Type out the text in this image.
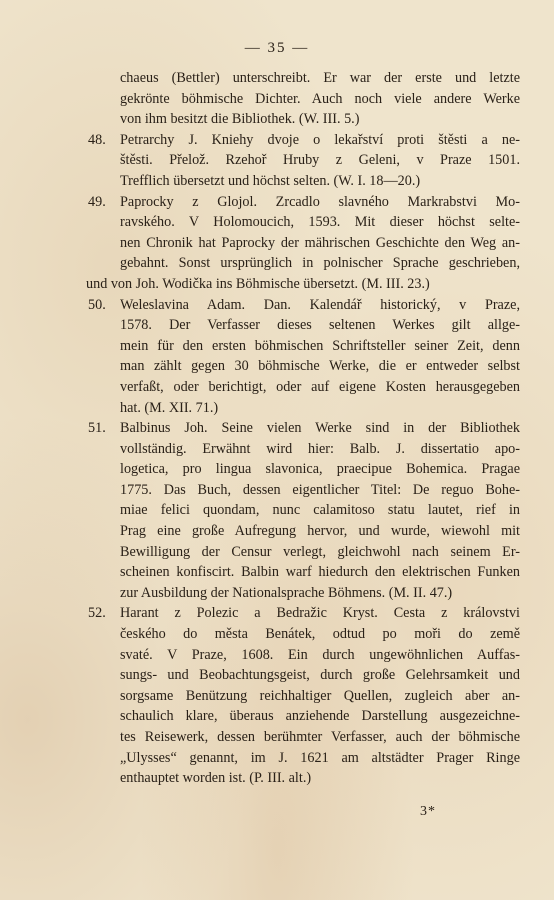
— 35 —
chaeus (Bettler) unterschreibt. Er war der erste und letzte
gekrönte böhmische Dichter. Auch noch viele andere Werke
von ihm besitzt die Bibliothek. (W. III. 5.)
48. Petrarchy J. Kniehy dvoje o lekařství proti štěsti a ne-
štěsti. Přelož. Rzehoř Hruby z Geleni, v Praze 1501.
Trefflich übersetzt und höchst selten. (W. I. 18—20.)
49. Paprocky z Glojol. Zrcadlo slavného Markrabstvi Mo-
ravského. V Holomoucich, 1593. Mit dieser höchst selte-
nen Chronik hat Paprocky der mährischen Geschichte den Weg an-
gebahnt. Sonst ursprünglich in polnischer Sprache geschrieben,
und von Joh. Wodička ins Böhmische übersetzt. (M. III. 23.)
50. Weleslavina Adam. Dan. Kalendář historický, v Praze,
1578. Der Verfasser dieses seltenen Werkes gilt allge-
mein für den ersten böhmischen Schriftsteller seiner Zeit, denn
man zählt gegen 30 böhmische Werke, die er entweder selbst
verfaßt, oder berichtigt, oder auf eigene Kosten herausgegeben
hat. (M. XII. 71.)
51. Balbinus Joh. Seine vielen Werke sind in der Bibliothek
vollständig. Erwähnt wird hier: Balb. J. dissertatio apo-
logetica, pro lingua slavonica, praecipue Bohemica. Pragae
1775. Das Buch, dessen eigentlicher Titel: De reguo Bohe-
miae felici quondam, nunc calamitoso statu lautet, rief in
Prag eine große Aufregung hervor, und wurde, wiewohl mit
Bewilligung der Censur verlegt, gleichwohl nach seinem Er-
scheinen konfiscirt. Balbin warf hiedurch den elektrischen Funken
zur Ausbildung der Nationalsprache Böhmens. (M. II. 47.)
52. Harant z Polezic a Bedražic Kryst. Cesta z královstvi
českého do města Benátek, odtud po moři do země
svaté. V Praze, 1608. Ein durch ungewöhnlichen Auffas-
sungs- und Beobachtungsgeist, durch große Gelehrsamkeit und
sorgsame Benützung reichhaltiger Quellen, zugleich aber an-
schaulich klare, überaus anziehende Darstellung ausgezeichne-
tes Reisewerk, dessen berühmter Verfasser, auch der böhmische
„Ulysses“ genannt, im J. 1621 am altstädter Prager Ringe
enthauptet worden ist. (P. III. alt.)
3*
